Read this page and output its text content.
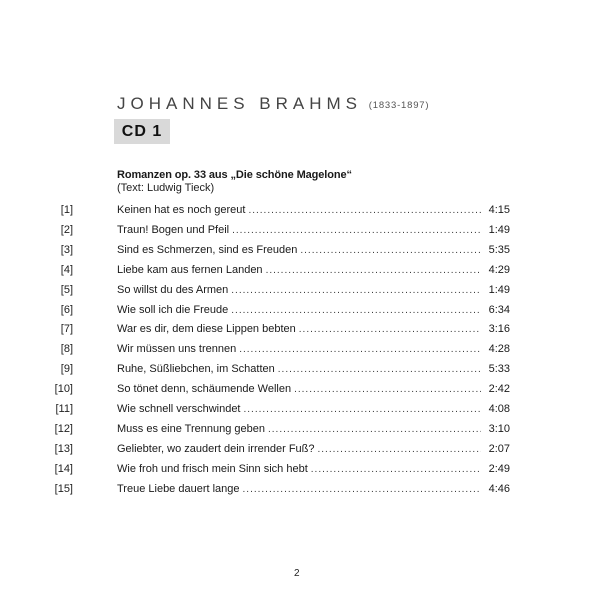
JOHANNES BRAHMS (1833-1897)
CD 1
Romanzen op. 33 aus „Die schöne Magelone“
(Text: Ludwig Tieck)
[1]	Keinen hat es noch gereut .....	4:15
[2]	Traun! Bogen und Pfeil .....	1:49
[3]	Sind es Schmerzen, sind es Freuden .....	5:35
[4]	Liebe kam aus fernen Landen .....	4:29
[5]	So willst du des Armen .....	1:49
[6]	Wie soll ich die Freude .....	6:34
[7]	War es dir, dem diese Lippen bebten .....	3:16
[8]	Wir müssen uns trennen .....	4:28
[9]	Ruhe, Süßliebchen, im Schatten .....	5:33
[10]	So tönet denn, schäumende Wellen .....	2:42
[11]	Wie schnell verschwindet .....	4:08
[12]	Muss es eine Trennung geben .....	3:10
[13]	Geliebter, wo zaudert dein irrender Fuß? .....	2:07
[14]	Wie froh und frisch mein Sinn sich hebt .....	2:49
[15]	Treue Liebe dauert lange .....	4:46
2
